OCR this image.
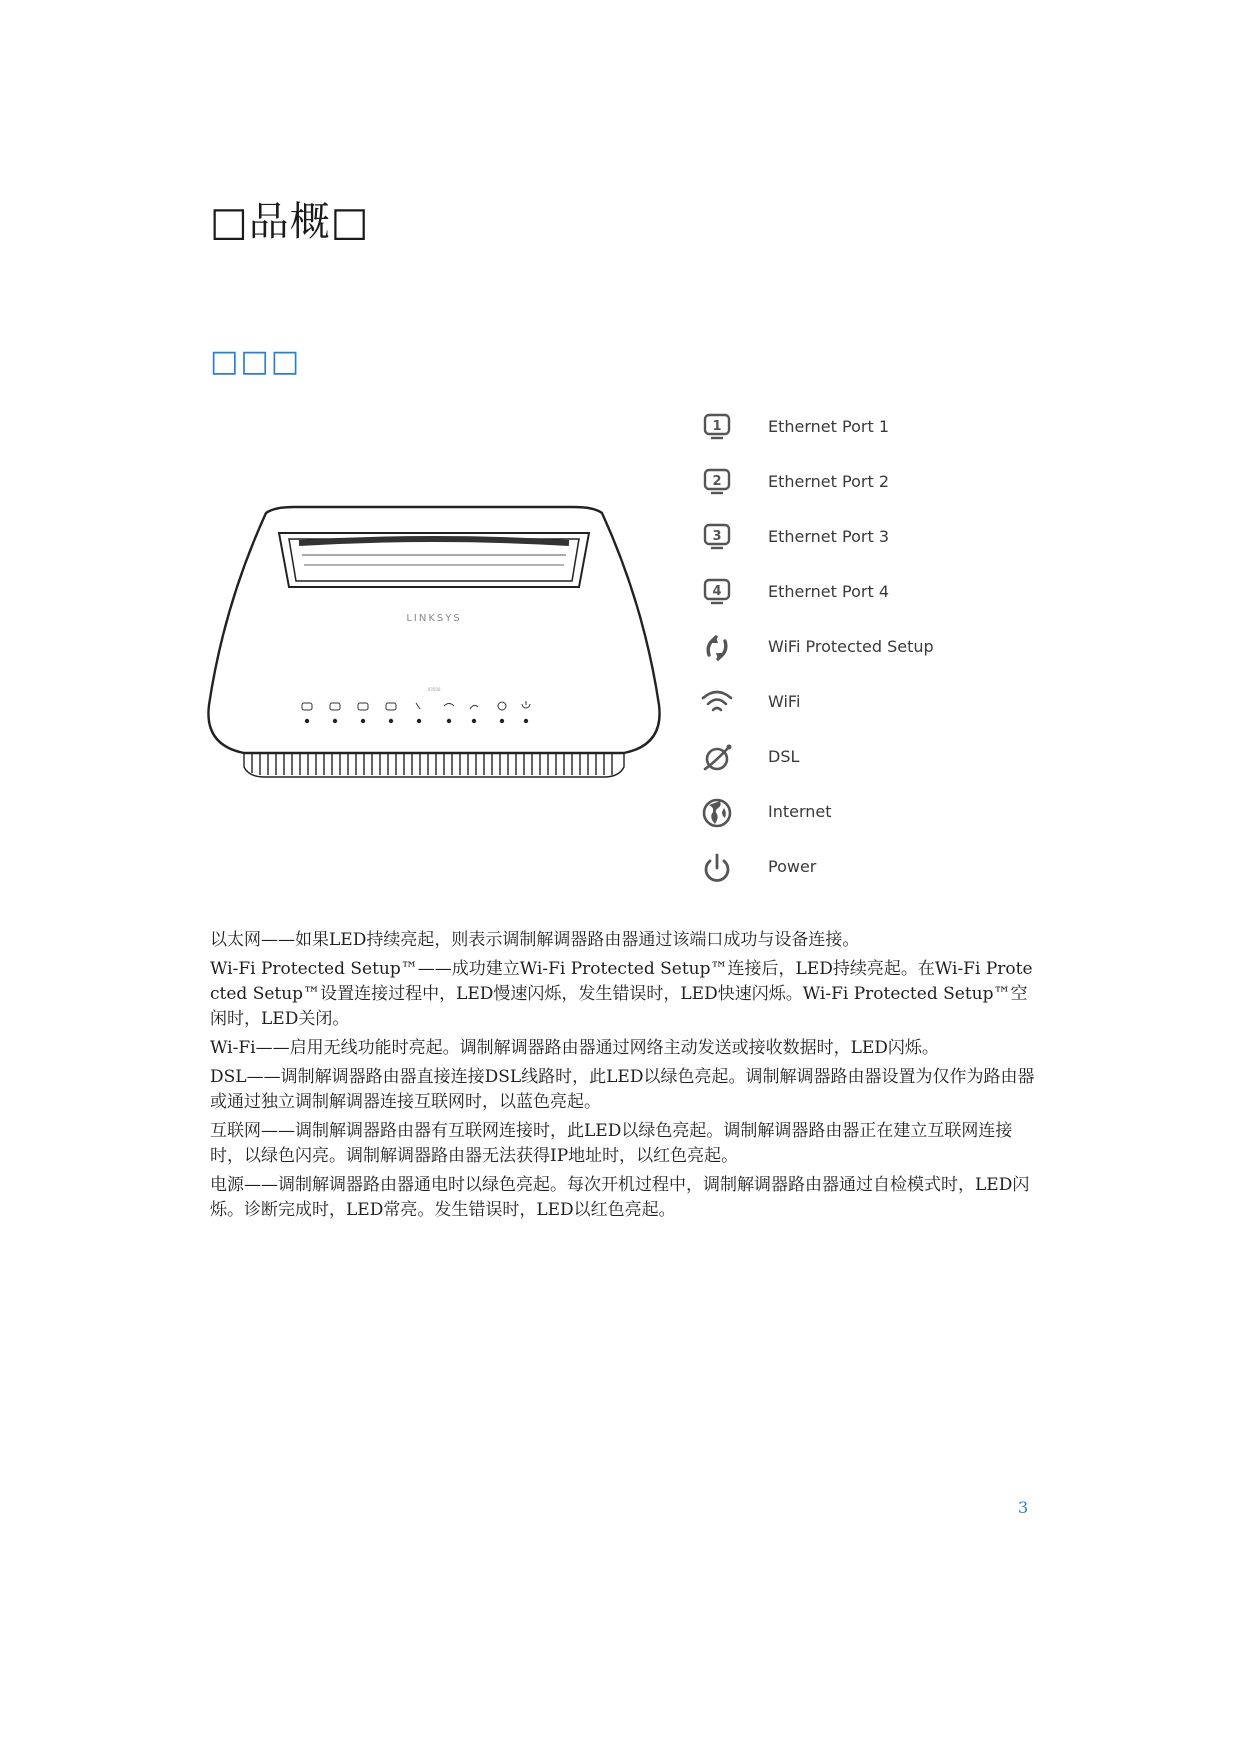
□品概□
□□□
LINKSYS
X3500
1	Ethernet Port 1
2	Ethernet Port 2
3	Ethernet Port 3
4	Ethernet Port 4
WiFi Protected Setup
WiFi
DSL
Internet
Power

以太网——如果LED持续亮起，则表示调制解调器路由器通过该端口成功与设备连接。

Wi-Fi Protected Setup™——成功建立Wi-Fi Protected Setup™连接后，LED持续亮起。在Wi-Fi Protected Setup™设置连接过程中，LED慢速闪烁，发生错误时，LED快速闪烁。Wi-Fi Protected Setup™空闲时，LED关闭。

Wi-Fi——启用无线功能时亮起。调制解调器路由器通过网络主动发送或接收数据时，LED闪烁。

DSL——调制解调器路由器直接连接DSL线路时，此LED以绿色亮起。调制解调器路由器设置为仅作为路由器或通过独立调制解调器连接互联网时，以蓝色亮起。

互联网——调制解调器路由器有互联网连接时，此LED以绿色亮起。调制解调器路由器正在建立互联网连接时，以绿色闪亮。调制解调器路由器无法获得IP地址时，以红色亮起。

电源——调制解调器路由器通电时以绿色亮起。每次开机过程中，调制解调器路由器通过自检模式时，LED闪烁。诊断完成时，LED常亮。发生错误时，LED以红色亮起。

3
